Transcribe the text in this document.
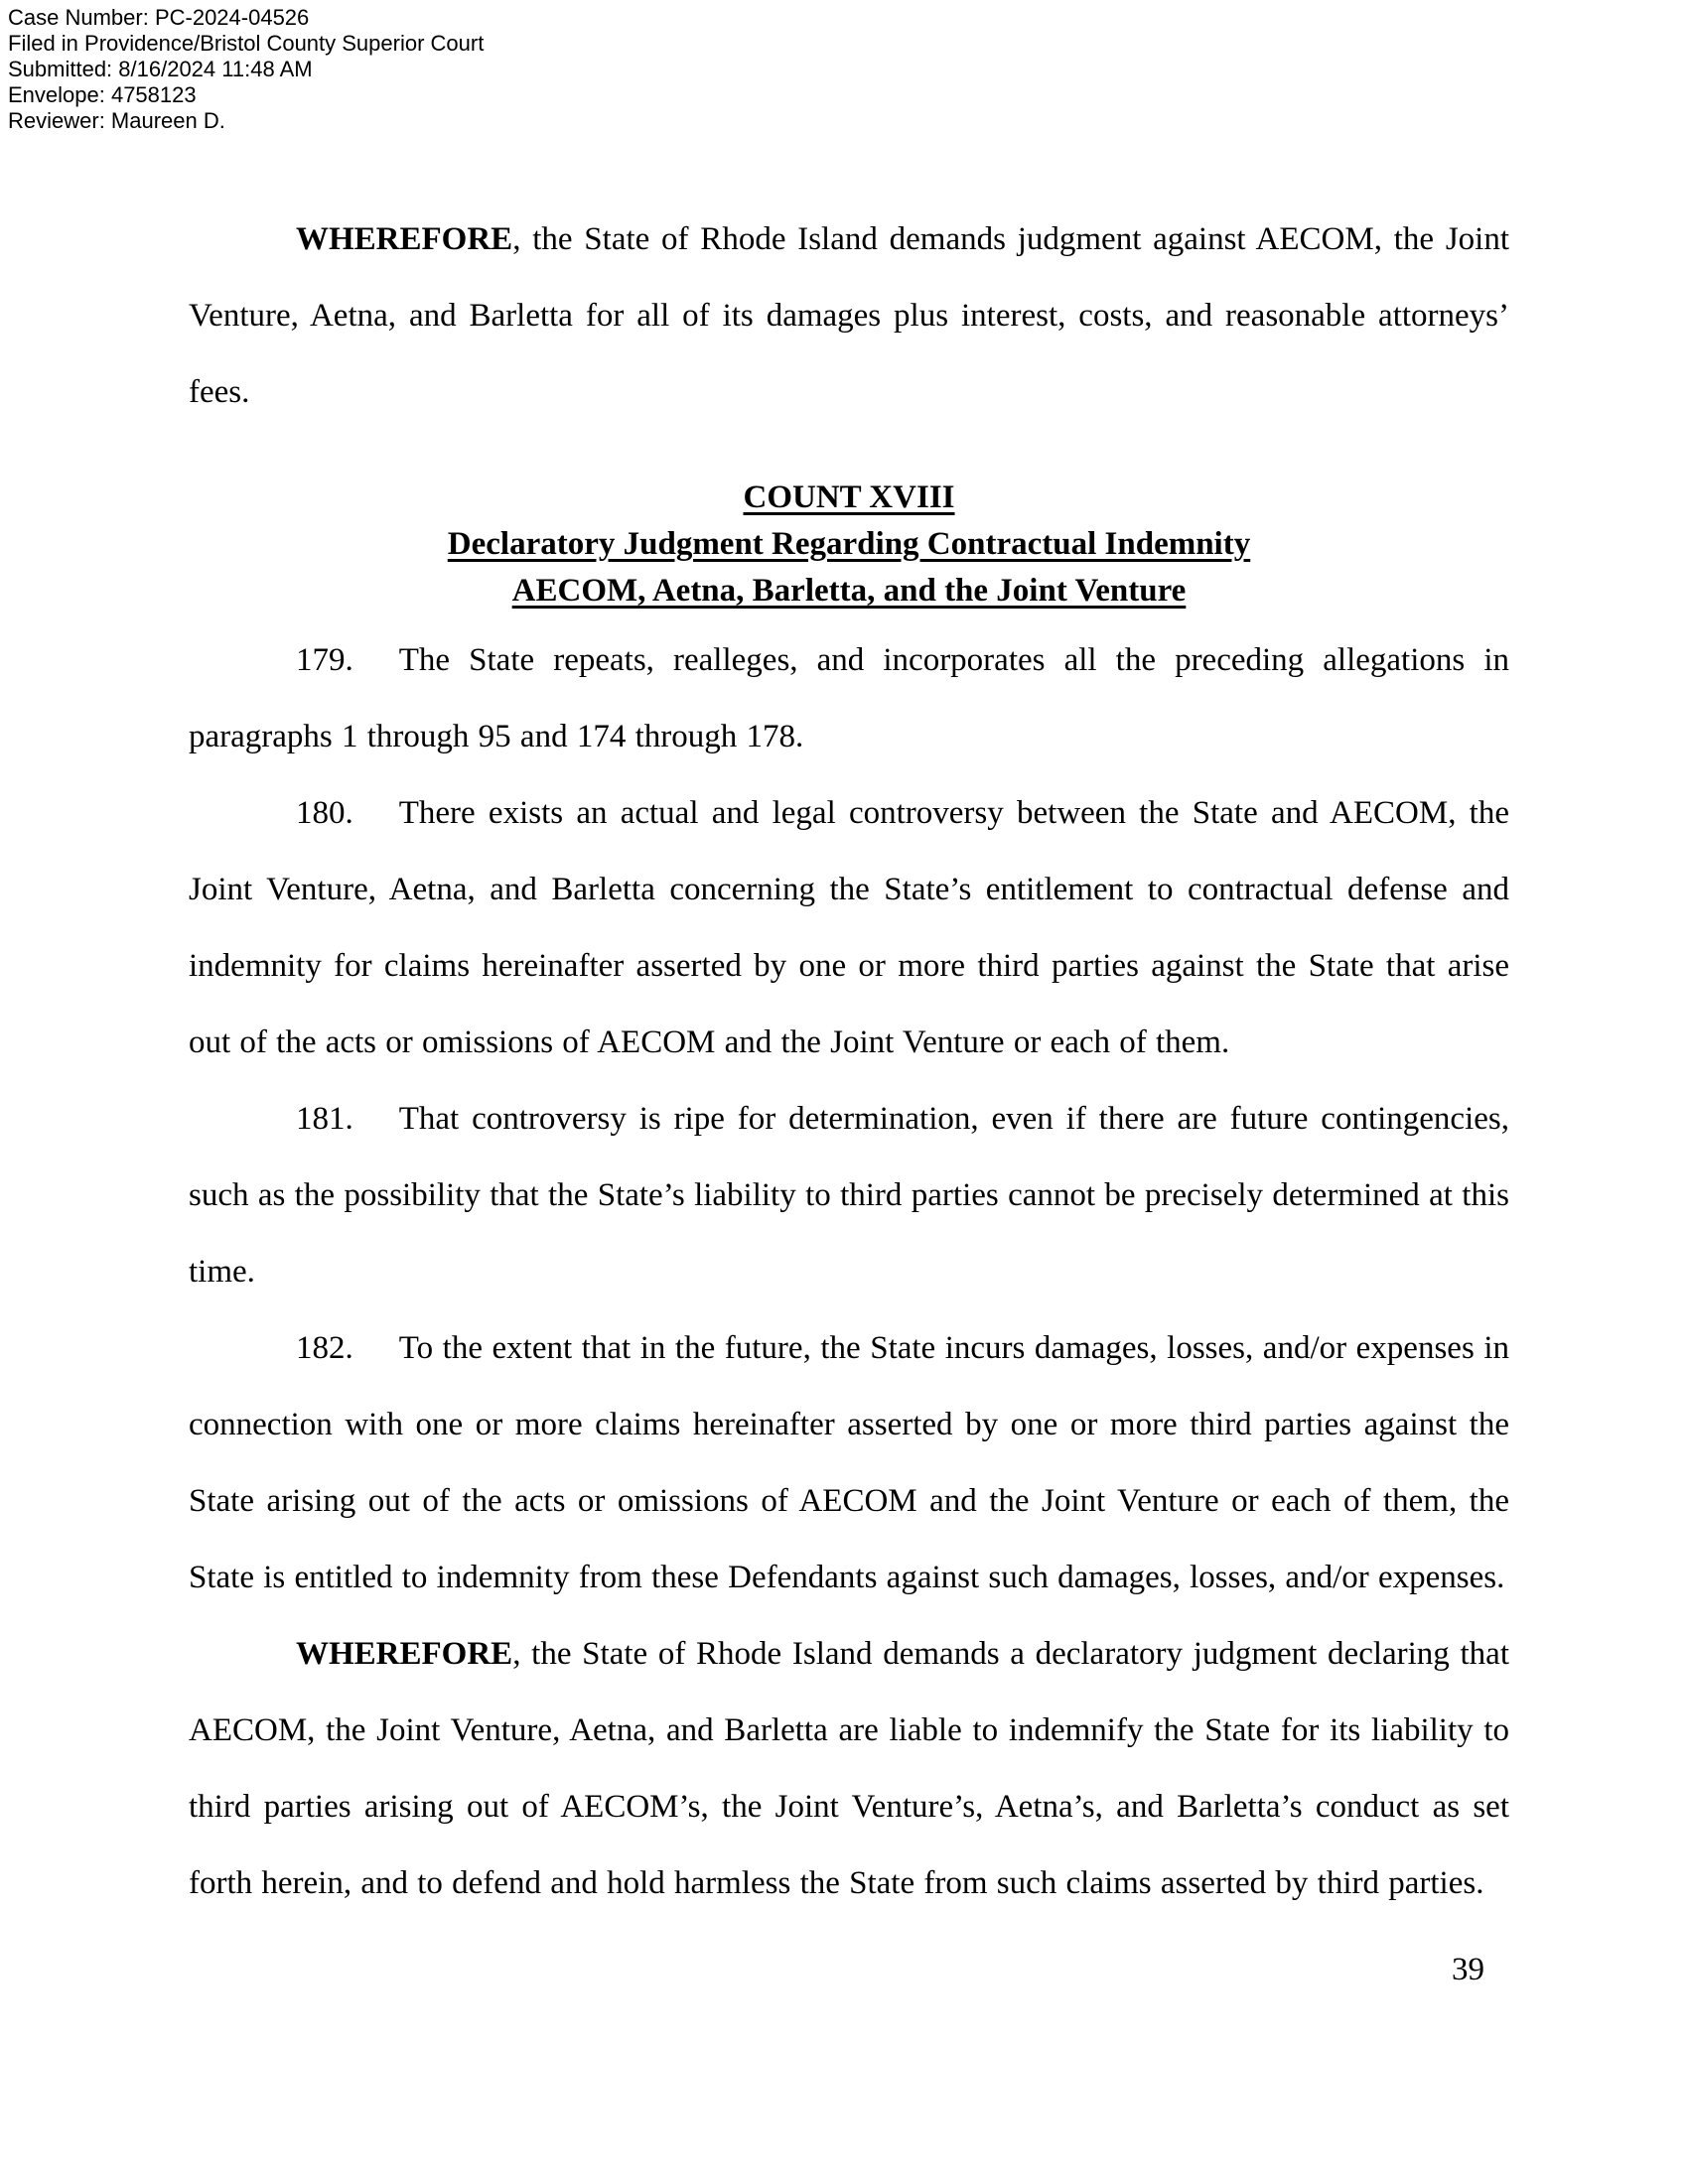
Case Number: PC-2024-04526
Filed in Providence/Bristol County Superior Court
Submitted: 8/16/2024 11:48 AM
Envelope: 4758123
Reviewer: Maureen D.

WHEREFORE, the State of Rhode Island demands judgment against AECOM, the Joint Venture, Aetna, and Barletta for all of its damages plus interest, costs, and reasonable attorneys’ fees.

COUNT XVIII
Declaratory Judgment Regarding Contractual Indemnity
AECOM, Aetna, Barletta, and the Joint Venture

179. The State repeats, realleges, and incorporates all the preceding allegations in paragraphs 1 through 95 and 174 through 178.

180. There exists an actual and legal controversy between the State and AECOM, the Joint Venture, Aetna, and Barletta concerning the State’s entitlement to contractual defense and indemnity for claims hereinafter asserted by one or more third parties against the State that arise out of the acts or omissions of AECOM and the Joint Venture or each of them.

181. That controversy is ripe for determination, even if there are future contingencies, such as the possibility that the State’s liability to third parties cannot be precisely determined at this time.

182. To the extent that in the future, the State incurs damages, losses, and/or expenses in connection with one or more claims hereinafter asserted by one or more third parties against the State arising out of the acts or omissions of AECOM and the Joint Venture or each of them, the State is entitled to indemnity from these Defendants against such damages, losses, and/or expenses.

WHEREFORE, the State of Rhode Island demands a declaratory judgment declaring that AECOM, the Joint Venture, Aetna, and Barletta are liable to indemnify the State for its liability to third parties arising out of AECOM’s, the Joint Venture’s, Aetna’s, and Barletta’s conduct as set forth herein, and to defend and hold harmless the State from such claims asserted by third parties.

39
